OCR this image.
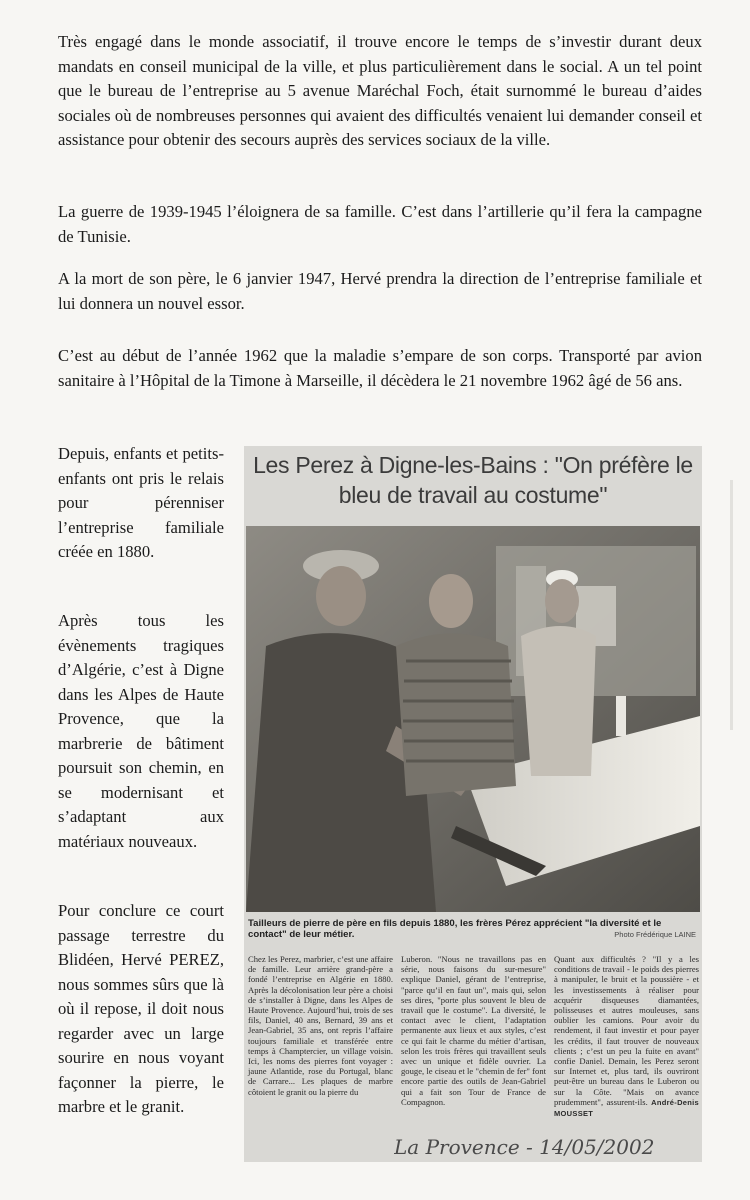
Très engagé dans le monde associatif, il trouve encore le temps de s’investir durant deux mandats en conseil municipal de la ville, et plus particulièrement dans le social. A un tel point que le bureau de l’entreprise au 5 avenue Maréchal Foch, était surnommé le bureau d’aides sociales où de nombreuses personnes qui avaient des difficultés venaient lui demander conseil et assistance pour obtenir des secours auprès des services sociaux de la ville.

La guerre de 1939-1945 l’éloignera de sa famille. C’est dans l’artillerie qu’il fera la campagne de Tunisie.

A la mort de son père, le 6 janvier 1947, Hervé prendra la direction de l’entreprise familiale et lui donnera un nouvel essor.

C’est au début de l’année 1962 que la maladie s’empare de son corps. Transporté par avion sanitaire à l’Hôpital de la Timone à Marseille, il décèdera le 21 novembre 1962 âgé de 56 ans.

Depuis, enfants et petits-enfants ont pris le relais pour pérenniser l’entreprise familiale créée en 1880.

Après tous les évènements tragiques d’Algérie, c’est à Digne dans les Alpes de Haute Provence, que la marbrerie de bâtiment poursuit son chemin, en se modernisant et s’adaptant aux matériaux nouveaux.

Pour conclure ce court passage terrestre du Blidéen, Hervé PEREZ, nous sommes sûrs que là où il repose, il doit nous regarder avec un large sourire en nous voyant façonner la pierre, le marbre et le granit.

Les Perez à Digne-les-Bains : "On préfère le bleu de travail au costume"

Tailleurs de pierre de père en fils depuis 1880, les frères Pérez apprécient "la diversité et le contact" de leur métier.	Photo Frédérique LAINE

Chez les Perez, marbrier, c’est une affaire de famille. Leur arrière grand-père a fondé l’entreprise en Algérie en 1880. Après la décolonisation leur père a choisi de s’installer à Digne, dans les Alpes de Haute Provence. Aujourd’hui, trois de ses fils, Daniel, 40 ans, Bernard, 39 ans et Jean-Gabriel, 35 ans, ont repris l’affaire toujours familiale et transférée entre temps à Champtercier, un village voisin. Ici, les noms des pierres font voyager : jaune Atlantide, rose du Portugal, blanc de Carrare... Les plaques de marbre côtoient le granit ou la pierre du

Luberon. "Nous ne travaillons pas en série, nous faisons du sur-mesure" explique Daniel, gérant de l’entreprise, "parce qu’il en faut un", mais qui, selon ses dires, "porte plus souvent le bleu de travail que le costume". La diversité, le contact avec le client, l’adaptation permanente aux lieux et aux styles, c’est ce qui fait le charme du métier d’artisan, selon les trois frères qui travaillent seuls avec un unique et fidèle ouvrier. La gouge, le ciseau et le "chemin de fer" font encore partie des outils de Jean-Gabriel qui a fait son Tour de France de Compagnon.

Quant aux difficultés ? "Il y a les conditions de travail - le poids des pierres à manipuler, le bruit et la poussière - et les investissements à réaliser pour acquérir disqueuses diamantées, polisseuses et autres mouleuses, sans oublier les camions. Pour avoir du rendement, il faut investir et pour payer les crédits, il faut trouver de nouveaux clients ; c’est un peu la fuite en avant" confie Daniel. Demain, les Perez seront sur Internet et, plus tard, ils ouvriront peut-être un bureau dans le Luberon ou sur la Côte. "Mais on avance prudemment", assurent-ils. André-Denis MOUSSET

La Provence - 14/05/2002
